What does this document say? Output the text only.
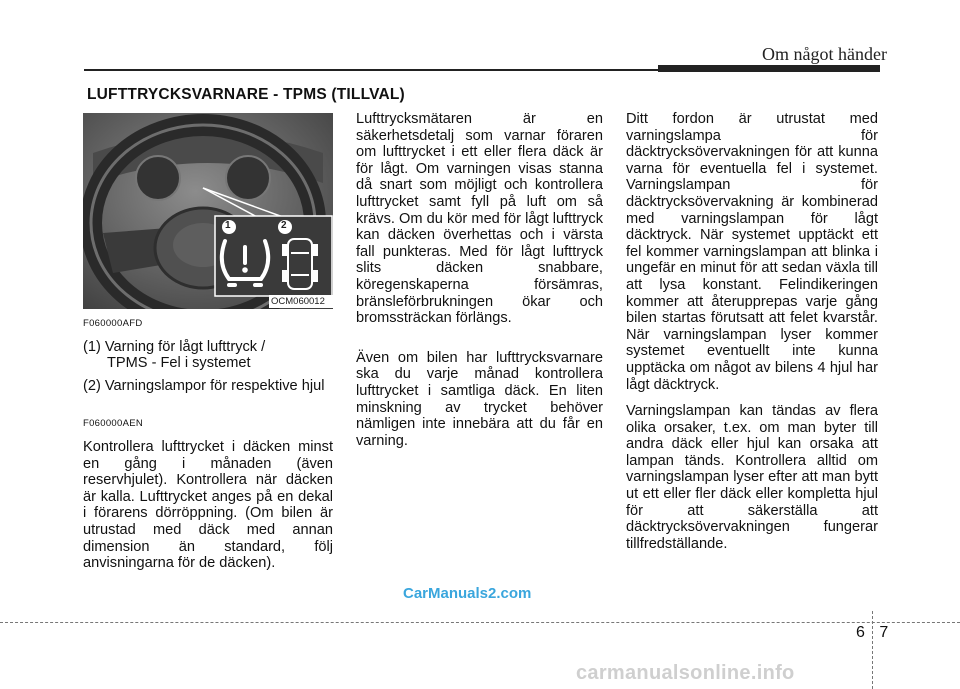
Om något händer
LUFTTRYCKSVARNARE - TPMS (TILLVAL)
1	2
OCM060012
F060000AFD
(1) Varning för lågt lufttryck /
TPMS - Fel i systemet
(2) Varningslampor för respektive hjul
F060000AEN

Kontrollera lufttrycket i däcken minst en gång i månaden (även reservhjulet). Kontrollera när däcken är kalla. Lufttrycket anges på en dekal i förarens dörröppning. (Om bilen är utrustad med däck med annan dimension än standard, följ anvisningarna för de däcken).

Lufttrycksmätaren är en säkerhetsdetalj som varnar föraren om lufttrycket i ett eller flera däck är för lågt. Om varningen visas stanna då snart som möjligt och kontrollera lufttrycket samt fyll på luft om så krävs. Om du kör med för lågt lufttryck kan däcken överhettas och i värsta fall punkteras. Med för lågt lufttryck slits däcken snabbare, köregenskaperna försämras, bränsleförbrukningen ökar och bromssträckan förlängs.

Även om bilen har lufttrycksvarnare ska du varje månad kontrollera lufttrycket i samtliga däck. En liten minskning av trycket behöver nämligen inte innebära att du får en varning.

Ditt fordon är utrustat med varningslampa för däcktrycksövervakningen för att kunna varna för eventuella fel i systemet. Varningslampan för däcktrycksövervakning är kombinerad med varningslampan för lågt däcktryck. När systemet upptäckt ett fel kommer varningslampan att blinka i ungefär en minut för att sedan växla till att lysa konstant. Felindikeringen kommer att återupprepas varje gång bilen startas förutsatt att felet kvarstår. När varningslampan lyser kommer systemet eventuellt inte kunna upptäcka om något av bilens 4 hjul har lågt däcktryck.

Varningslampan kan tändas av flera olika orsaker, t.ex. om man byter till andra däck eller hjul kan orsaka att lampan tänds. Kontrollera alltid om varningslampan lyser efter att man bytt ut ett eller fler däck eller kompletta hjul för att säkerställa att däcktrycksövervakningen fungerar tillfredställande.

CarManuals2.com
6 7
carmanualsonline.info
